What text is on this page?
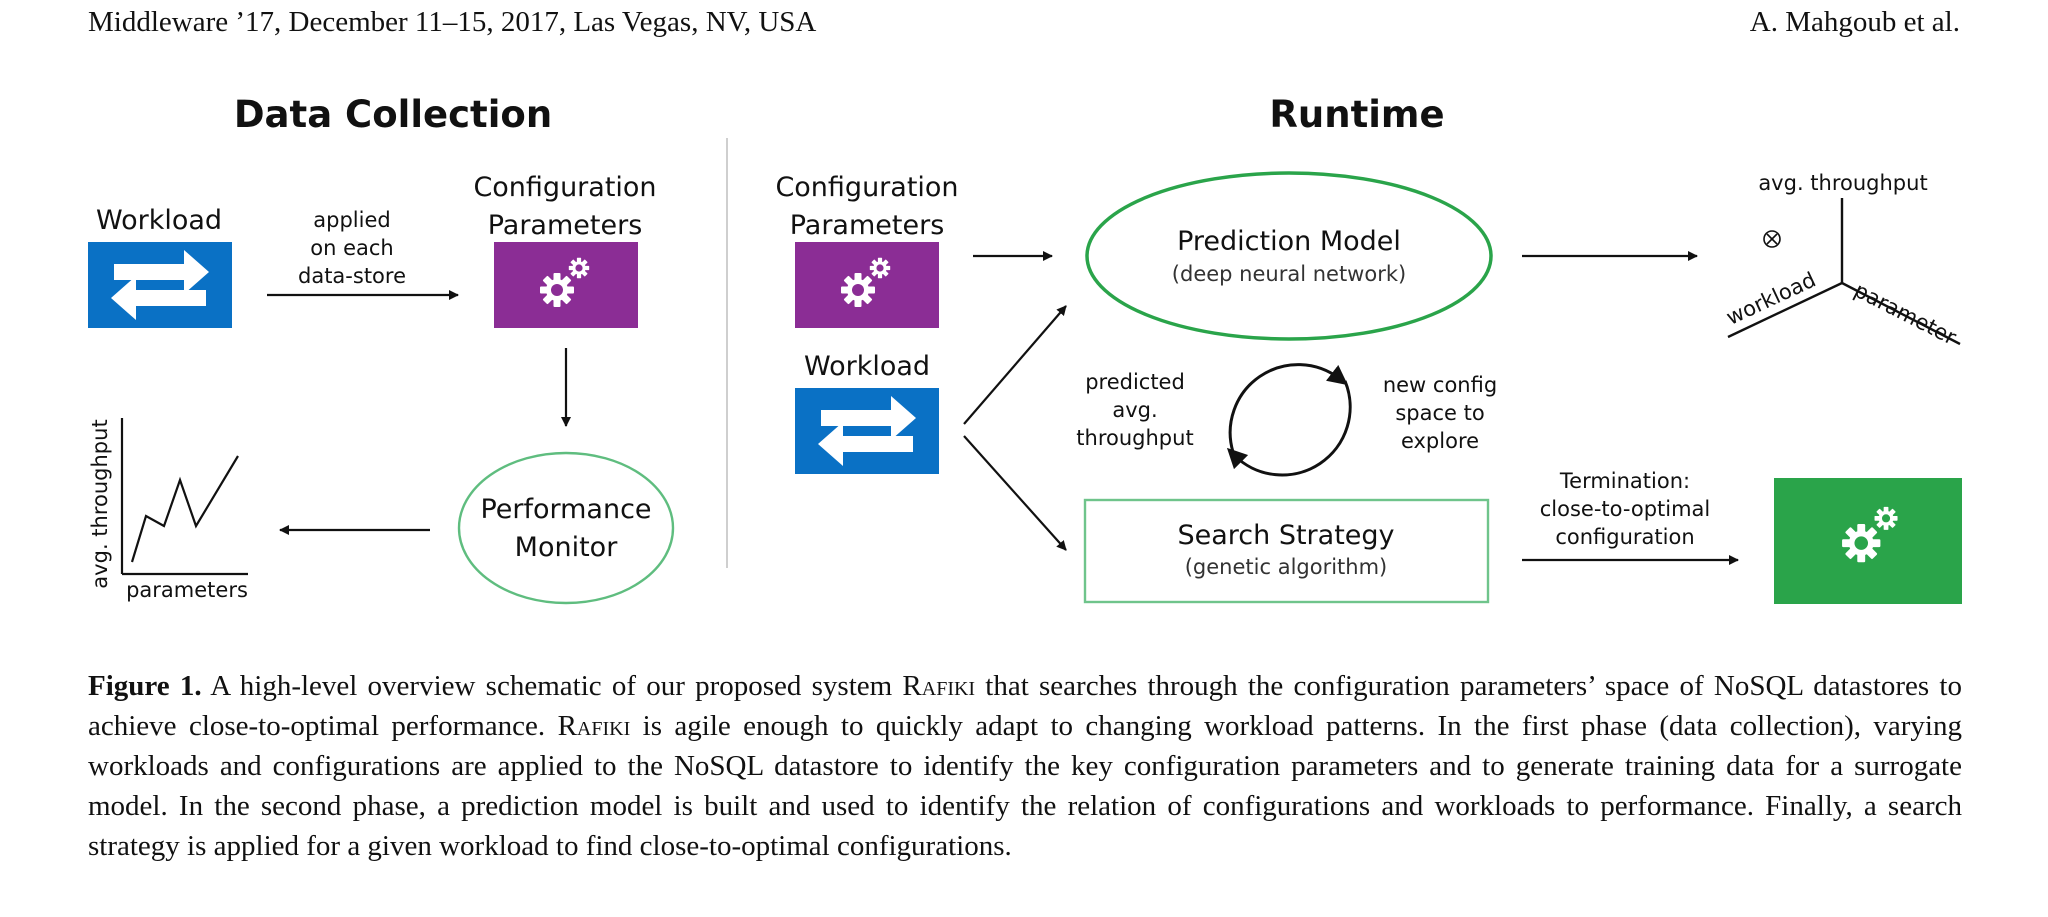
Middleware ’17, December 11–15, 2017, Las Vegas, NV, USA	A. Mahgoub et al.
Data Collection
Workload	applied
on each
data-store
Configuration
Parameters
Performance
Monitor
avg. throughput
parameters
Runtime
Configuration
Parameters
Workload
Prediction Model
(deep neural network)
predicted
avg.
throughput
new config
space to
explore
Search Strategy
(genetic algorithm)
avg. throughput
workload parameter
Termination:
close-to-optimal
configuration
Figure 1. A high-level overview schematic of our proposed system Rafiki that searches through the configuration parameters’ space of NoSQL datastores to achieve close-to-optimal performance. Rafiki is agile enough to quickly adapt to changing workload patterns. In the first phase (data collection), varying workloads and configurations are applied to the NoSQL datastore to identify the key configuration parameters and to generate training data for a surrogate model. In the second phase, a prediction model is built and used to identify the relation of configurations and workloads to performance. Finally, a search strategy is applied for a given workload to find close-to-optimal configurations.
